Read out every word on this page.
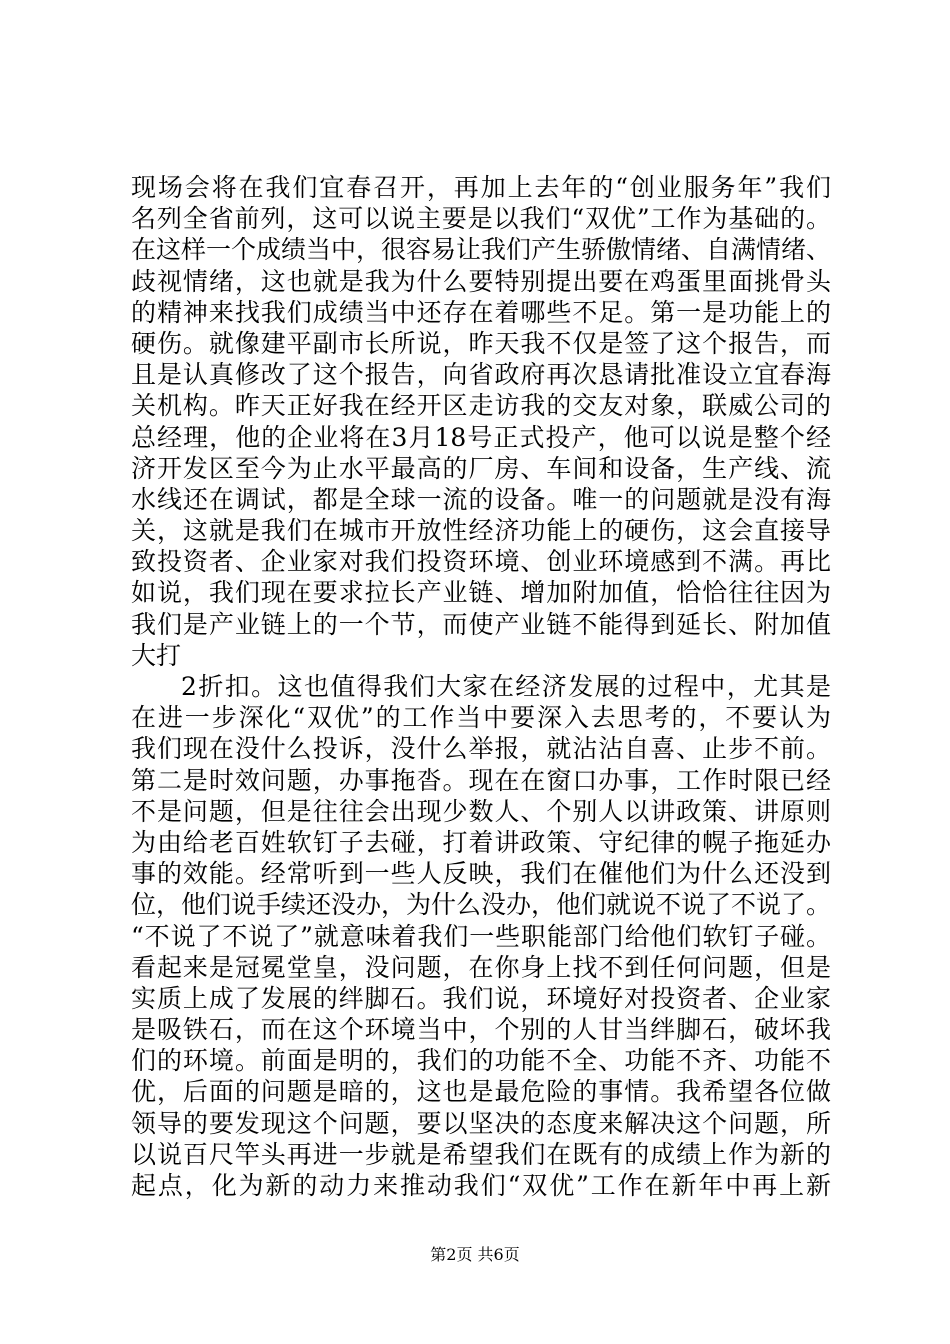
现场会将在我们宜春召开，再加上去年的“创业服务年”我们
名列全省前列，这可以说主要是以我们“双优”工作为基础的。
在这样一个成绩当中，很容易让我们产生骄傲情绪、自满情绪、
歧视情绪，这也就是我为什么要特别提出要在鸡蛋里面挑骨头
的精神来找我们成绩当中还存在着哪些不足。第一是功能上的
硬伤。就像建平副市长所说，昨天我不仅是签了这个报告，而
且是认真修改了这个报告，向省政府再次恳请批准设立宜春海
关机构。昨天正好我在经开区走访我的交友对象，联威公司的
总经理，他的企业将在3月18号正式投产，他可以说是整个经
济开发区至今为止水平最高的厂房、车间和设备，生产线、流
水线还在调试，都是全球一流的设备。唯一的问题就是没有海
关，这就是我们在城市开放性经济功能上的硬伤，这会直接导
致投资者、企业家对我们投资环境、创业环境感到不满。再比
如说，我们现在要求拉长产业链、增加附加值，恰恰往往因为
我们是产业链上的一个节，而使产业链不能得到延长、附加值
大打
2折扣。这也值得我们大家在经济发展的过程中，尤其是
在进一步深化“双优”的工作当中要深入去思考的，不要认为
我们现在没什么投诉，没什么举报，就沾沾自喜、止步不前。
第二是时效问题，办事拖沓。现在在窗口办事，工作时限已经
不是问题，但是往往会出现少数人、个别人以讲政策、讲原则
为由给老百姓软钉子去碰，打着讲政策、守纪律的幌子拖延办
事的效能。经常听到一些人反映，我们在催他们为什么还没到
位，他们说手续还没办，为什么没办，他们就说不说了不说了。
“不说了不说了”就意味着我们一些职能部门给他们软钉子碰。
看起来是冠冕堂皇，没问题，在你身上找不到任何问题，但是
实质上成了发展的绊脚石。我们说，环境好对投资者、企业家
是吸铁石，而在这个环境当中，个别的人甘当绊脚石，破坏我
们的环境。前面是明的，我们的功能不全、功能不齐、功能不
优，后面的问题是暗的，这也是最危险的事情。我希望各位做
领导的要发现这个问题，要以坚决的态度来解决这个问题，所
以说百尺竿头再进一步就是希望我们在既有的成绩上作为新的
起点，化为新的动力来推动我们“双优”工作在新年中再上新
第2页 共6页
